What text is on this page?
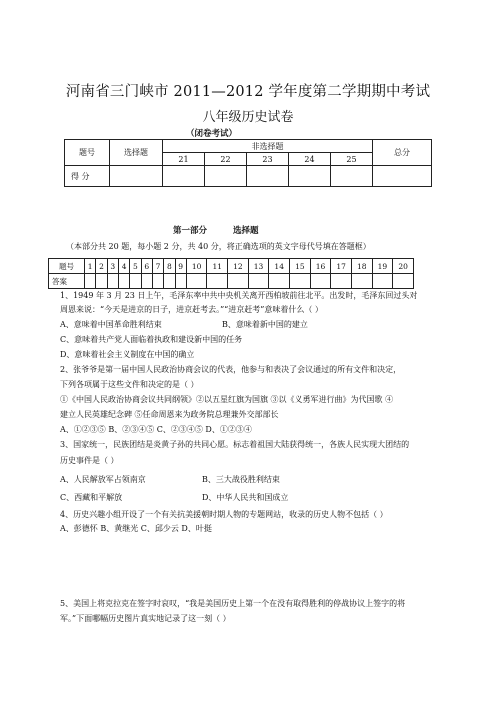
河南省三门峡市 2011—2012 学年度第二学期期中考试
八年级历史试卷
（闭卷考试）
题号	选择题	非选择题					总分
		21	22	23	24	25	
得 分							
第一部分	选择题
（本部分共 20 题，每小题 2 分，共 40 分，将正确选项的英文字母代号填在答题框）
题号	1	2	3	4	5	6	7	8	9	10	11	12	13	14	15	16	17	18	19	20
答案																				
1、1949 年 3 月 23 日上午，毛泽东率中共中央机关离开西柏坡前往北平。出发时，毛泽东回过头对
周恩来说：“今天是进京的日子，进京赶考去。”“进京赶考”意味着什么（ ）
A、意味着中国革命胜利结束	B、意味着新中国的建立
C、意味着共产党人面临着执政和建设新中国的任务
D、意味着社会主义制度在中国的确立
2、张爷爷是第一届中国人民政治协商会议的代表，他参与和表决了会议通过的所有文件和决定，
下列各项属于这些文件和决定的是（ ）
①《中国人民政治协商会议共同纲领》②以五星红旗为国旗 ③以《义勇军进行曲》为代国歌 ④
建立人民英雄纪念碑 ⑤任命周恩来为政务院总理兼外交部部长
A、①②③⑤ B、②③④⑤ C、②③④⑤ D、①②③④
3、国家统一，民族团结是炎黄子孙的共同心愿。标志着祖国大陆获得统一，各族人民实现大团结的
历史事件是（ ）
A、人民解放军占领南京	B、三大战役胜利结束
C、西藏和平解放	D、中华人民共和国成立
4、历史兴趣小组开设了一个有关抗美援朝时期人物的专题网站，收录的历史人物不包括（ ）
A、彭德怀 B、黄继光 C、邱少云 D、叶挺
5、美国上将克拉克在签字时哀叹，“我是美国历史上第一个在没有取得胜利的停战协议上签字的将
军。”下面哪幅历史图片真实地记录了这一刻（ ）
